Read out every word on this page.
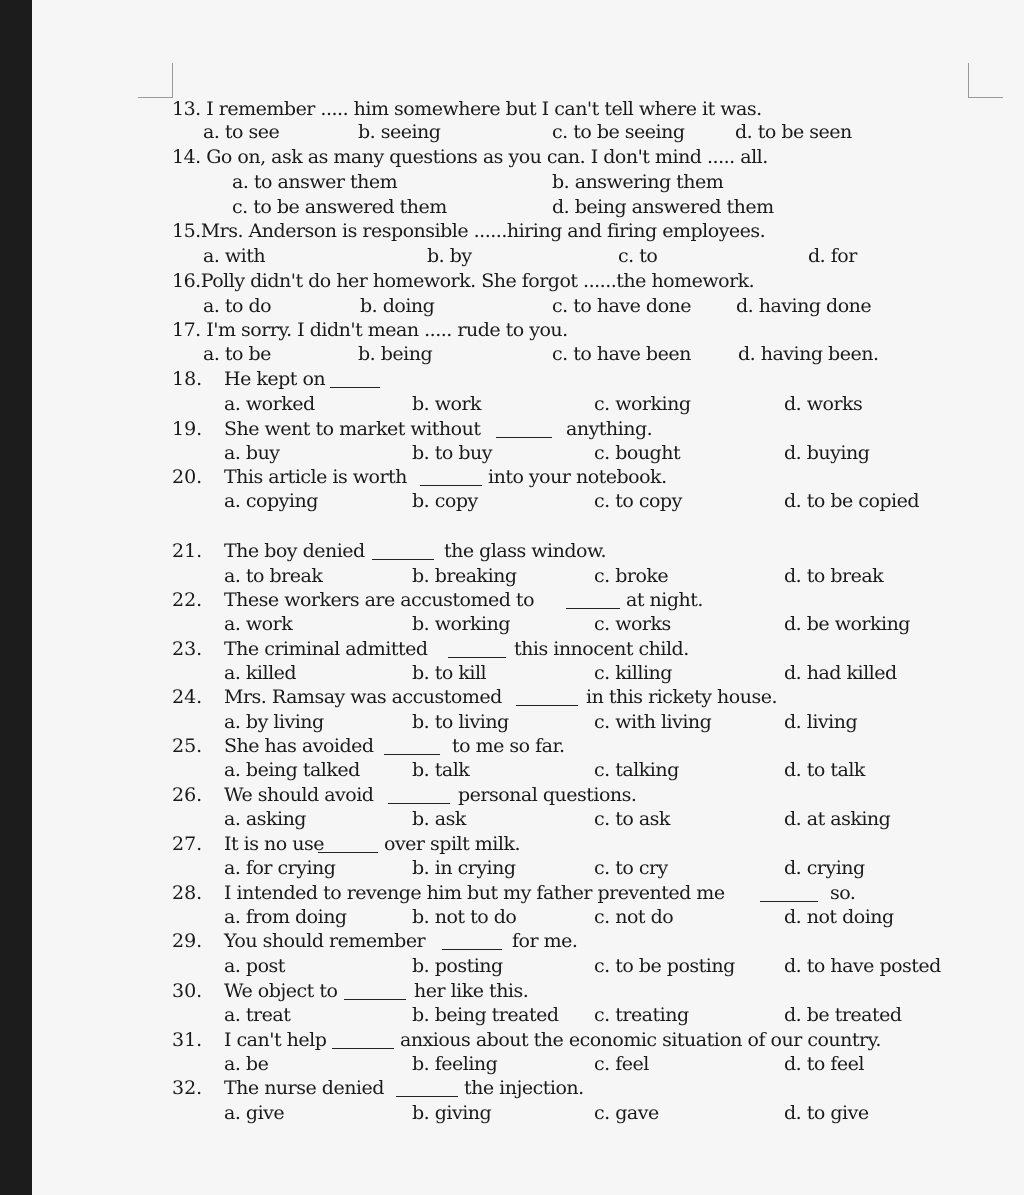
13. I remember ..... him somewhere but I can't tell where it was.
a. to see	b. seeing	c. to be seeing	d. to be seen
14. Go on, ask as many questions as you can. I don't mind ..... all.
a. to answer them	b. answering them
c. to be answered them	d. being answered them
15.Mrs. Anderson is responsible ......hiring and firing employees.
a. with	b. by	c. to	d. for
16.Polly didn't do her homework. She forgot ......the homework.
a. to do	b. doing	c. to have done d. having done
17. I'm sorry. I didn't mean ..... rude to you.
a. to be	b. being	c. to have been d. having been.
18. He kept on
a. worked	b. work	c. working	d. works
19. She went to market without	anything.
a. buy	b. to buy	c. bought	d. buying
20. This article is worth	into your notebook.
a. copying	b. copy	c. to copy	d. to be copied
21. The boy denied	the glass window.
a. to break	b. breaking	c. broke	d. to break
22. These workers are accustomed to	at night.
a. work	b. working	c. works	d. be working
23. The criminal admitted	this innocent child.
a. killed	b. to kill	c. killing	d. had killed
24. Mrs. Ramsay was accustomed	in this rickety house.
a. by living	b. to living	c. with living	d. living
25. She has avoided	to me so far.
a. being talked	b. talk	c. talking	d. to talk
26. We should avoid	personal questions.
a. asking	b. ask	c. to ask	d. at asking
27. It is no use	over spilt milk.
a. for crying	b. in crying	c. to cry	d. crying
28. I intended to revenge him but my father prevented me	so.
a. from doing	b. not to do	c. not do	d. not doing
29. You should remember	for me.
a. post	b. posting	c. to be posting	d. to have posted
30. We object to	her like this.
a. treat	b. being treated c. treating	d. be treated
31. I can't help	anxious about the economic situation of our country.
a. be	b. feeling	c. feel	d. to feel
32. The nurse denied	the injection.
a. give	b. giving	c. gave	d. to give
